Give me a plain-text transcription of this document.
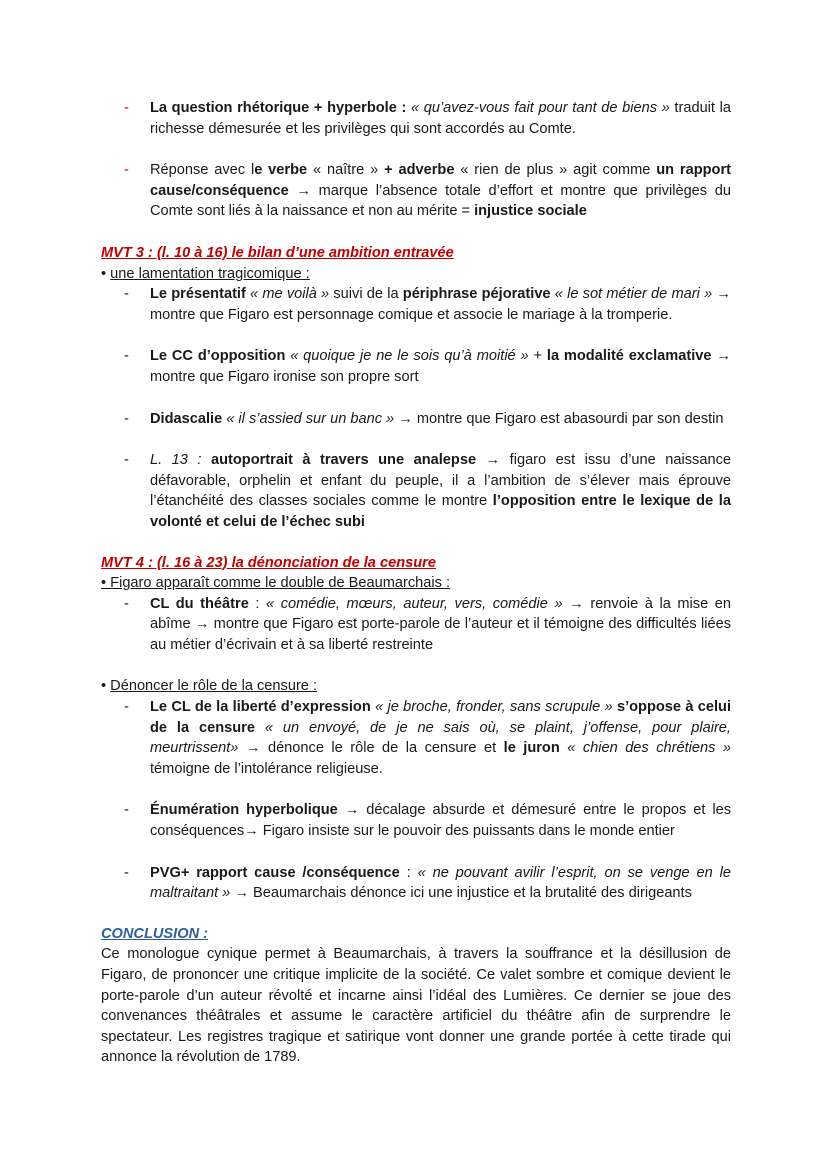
- La question rhétorique + hyperbole : « qu’avez-vous fait pour tant de biens » traduit la richesse démesurée et les privilèges qui sont accordés au Comte.

- Réponse avec le verbe « naître » + adverbe « rien de plus » agit comme un rapport cause/conséquence → marque l’absence totale d’effort et montre que privilèges du Comte sont liés à la naissance et non au mérite = injustice sociale

MVT 3 : (l. 10 à 16) le bilan d’une ambition entravée

• une lamentation tragicomique :

- Le présentatif « me voilà » suivi de la périphrase péjorative « le sot métier de mari » → montre que Figaro est personnage comique et associe le mariage à la tromperie.

- Le CC d’opposition « quoique je ne le sois qu’à moitié » + la modalité exclamative → montre que Figaro ironise son propre sort

- Didascalie « il s’assied sur un banc » → montre que Figaro est abasourdi par son destin

- L. 13 : autoportrait à travers une analepse → figaro est issu d’une naissance défavorable, orphelin et enfant du peuple, il a l’ambition de s’élever mais éprouve l’étanchéité des classes sociales comme le montre l’opposition entre le lexique de la volonté et celui de l’échec subi

MVT 4 : (l. 16 à 23) la dénonciation de la censure

• Figaro apparaît comme le double de Beaumarchais :

- CL du théâtre : « comédie, mœurs, auteur, vers, comédie » → renvoie à la mise en abîme → montre que Figaro est porte-parole de l’auteur et il témoigne des difficultés liées au métier d’écrivain et à sa liberté restreinte

• Dénoncer le rôle de la censure :

- Le CL de la liberté d’expression « je broche, fronder, sans scrupule » s’oppose à celui de la censure « un envoyé, de je ne sais où, se plaint, j’offense, pour plaire, meurtrissent» → dénonce le rôle de la censure et le juron « chien des chrétiens » témoigne de l’intolérance religieuse.

- Énumération hyperbolique → décalage absurde et démesuré entre le propos et les conséquences→ Figaro insiste sur le pouvoir des puissants dans le monde entier

- PVG+ rapport cause /conséquence : « ne pouvant avilir l’esprit, on se venge en le maltraitant » → Beaumarchais dénonce ici une injustice et la brutalité des dirigeants

CONCLUSION :

Ce monologue cynique permet à Beaumarchais, à travers la souffrance et la désillusion de Figaro, de prononcer une critique implicite de la société. Ce valet sombre et comique devient le porte-parole d’un auteur révolté et incarne ainsi l’idéal des Lumières. Ce dernier se joue des convenances théâtrales et assume le caractère artificiel du théâtre afin de surprendre le spectateur. Les registres tragique et satirique vont donner une grande portée à cette tirade qui annonce la révolution de 1789.
